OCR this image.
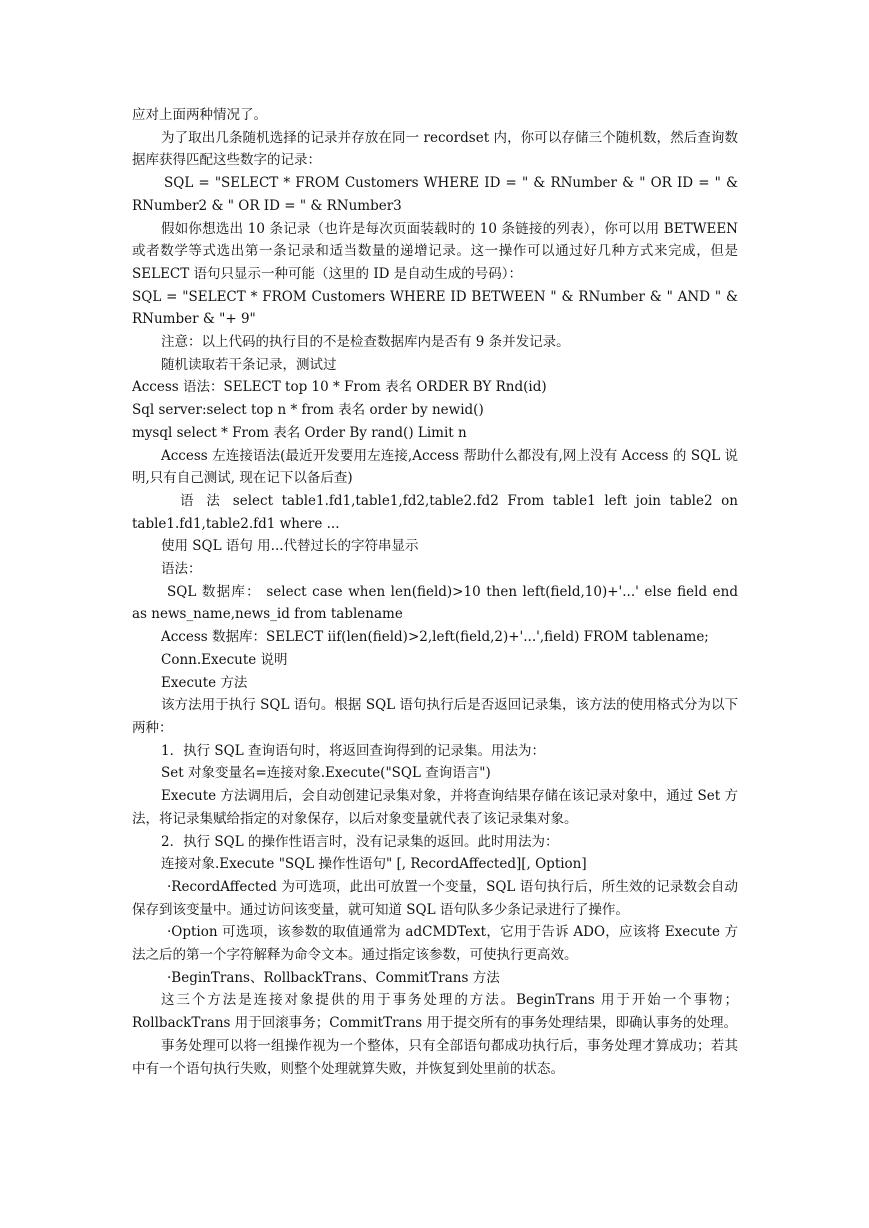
应对上面两种情况了。

为了取出几条随机选择的记录并存放在同一 recordset 内，你可以存储三个随机数，然后查询数据库获得匹配这些数字的记录：

SQL = "SELECT * FROM Customers WHERE ID = " & RNumber & " OR ID = " & RNumber2 & " OR ID = " & RNumber3

假如你想选出 10 条记录（也许是每次页面装载时的 10 条链接的列表），你可以用 BETWEEN 或者数学等式选出第一条记录和适当数量的递增记录。这一操作可以通过好几种方式来完成，但是 SELECT 语句只显示一种可能（这里的 ID 是自动生成的号码）：

SQL = "SELECT * FROM Customers WHERE ID BETWEEN " & RNumber & " AND " & RNumber & "+ 9"

注意：以上代码的执行目的不是检查数据库内是否有 9 条并发记录。

随机读取若干条记录，测试过

Access 语法：SELECT top 10 * From 表名 ORDER BY Rnd(id)

Sql server:select top n * from 表名 order by newid()

mysql select * From 表名 Order By rand() Limit n

Access 左连接语法(最近开发要用左连接,Access 帮助什么都没有,网上没有 Access 的 SQL 说明,只有自己测试, 现在记下以备后查)

语 法 select table1.fd1,table1,fd2,table2.fd2 From table1 left join table2 on table1.fd1,table2.fd1 where ...

使用 SQL 语句 用...代替过长的字符串显示

语法：

SQL 数据库： select case when len(field)>10 then left(field,10)+'...' else field end as news_name,news_id from tablename

Access 数据库：SELECT iif(len(field)>2,left(field,2)+'...',field) FROM tablename;

Conn.Execute 说明

Execute 方法

该方法用于执行 SQL 语句。根据 SQL 语句执行后是否返回记录集，该方法的使用格式分为以下两种：

1．执行 SQL 查询语句时，将返回查询得到的记录集。用法为：

Set 对象变量名=连接对象.Execute("SQL 查询语言")

Execute 方法调用后，会自动创建记录集对象，并将查询结果存储在该记录对象中，通过 Set 方法，将记录集赋给指定的对象保存，以后对象变量就代表了该记录集对象。

2．执行 SQL 的操作性语言时，没有记录集的返回。此时用法为：

连接对象.Execute "SQL 操作性语句" [, RecordAffected][, Option]

·RecordAffected 为可选项，此出可放置一个变量，SQL 语句执行后，所生效的记录数会自动保存到该变量中。通过访问该变量，就可知道 SQL 语句队多少条记录进行了操作。

·Option 可选项，该参数的取值通常为 adCMDText，它用于告诉 ADO，应该将 Execute 方法之后的第一个字符解释为命令文本。通过指定该参数，可使执行更高效。

·BeginTrans、RollbackTrans、CommitTrans 方法

这三个方法是连接对象提供的用于事务处理的方法。BeginTrans 用于开始一个事物；RollbackTrans 用于回滚事务；CommitTrans 用于提交所有的事务处理结果，即确认事务的处理。

事务处理可以将一组操作视为一个整体，只有全部语句都成功执行后，事务处理才算成功；若其中有一个语句执行失败，则整个处理就算失败，并恢复到处里前的状态。
